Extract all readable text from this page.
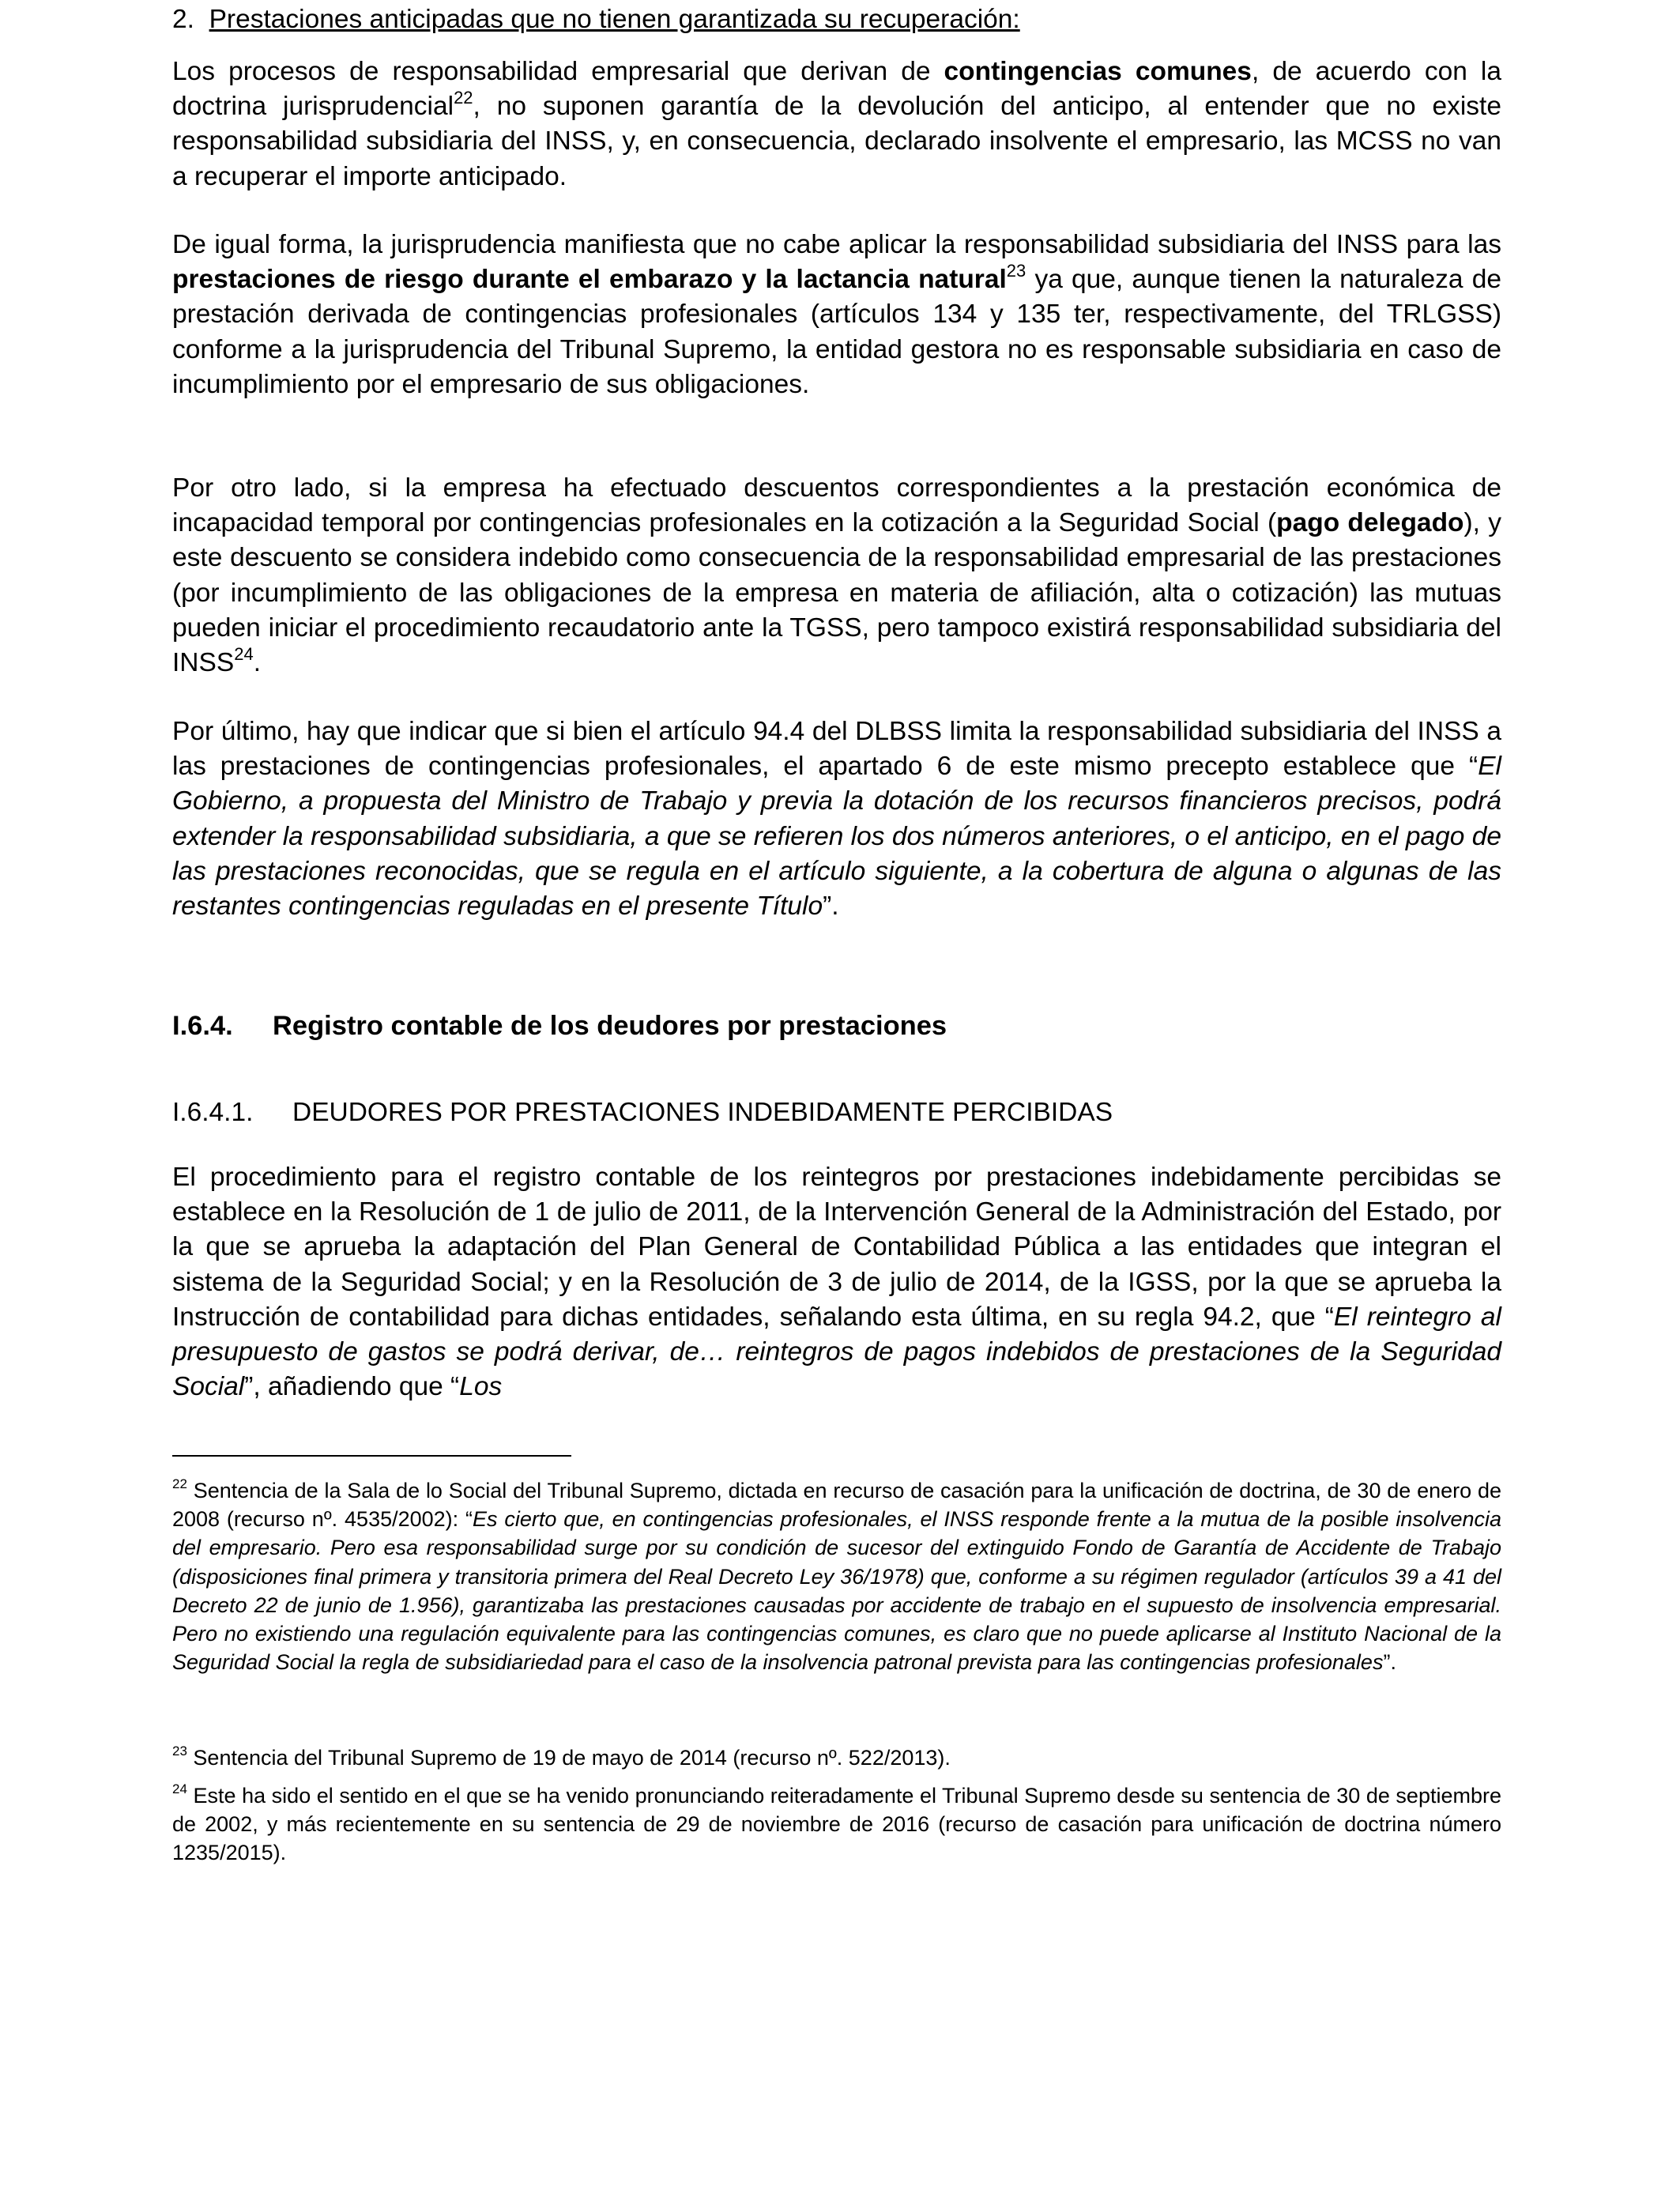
2. Prestaciones anticipadas que no tienen garantizada su recuperación:

Los procesos de responsabilidad empresarial que derivan de contingencias comunes, de acuerdo con la doctrina jurisprudencial$^{22}$, no suponen garantía de la devolución del anticipo, al entender que no existe responsabilidad subsidiaria del INSS, y, en consecuencia, declarado insolvente el empresario, las MCSS no van a recuperar el importe anticipado.

De igual forma, la jurisprudencia manifiesta que no cabe aplicar la responsabilidad subsidiaria del INSS para las prestaciones de riesgo durante el embarazo y la lactancia natural$^{23}$ ya que, aunque tienen la naturaleza de prestación derivada de contingencias profesionales (artículos 134 y 135 ter, respectivamente, del TRLGSS) conforme a la jurisprudencia del Tribunal Supremo, la entidad gestora no es responsable subsidiaria en caso de incumplimiento por el empresario de sus obligaciones.

Por otro lado, si la empresa ha efectuado descuentos correspondientes a la prestación económica de incapacidad temporal por contingencias profesionales en la cotización a la Seguridad Social (pago delegado), y este descuento se considera indebido como consecuencia de la responsabilidad empresarial de las prestaciones (por incumplimiento de las obligaciones de la empresa en materia de afiliación, alta o cotización) las mutuas pueden iniciar el procedimiento recaudatorio ante la TGSS, pero tampoco existirá responsabilidad subsidiaria del INSS$^{24}$.

Por último, hay que indicar que si bien el artículo 94.4 del DLBSS limita la responsabilidad subsidiaria del INSS a las prestaciones de contingencias profesionales, el apartado 6 de este mismo precepto establece que “El Gobierno, a propuesta del Ministro de Trabajo y previa la dotación de los recursos financieros precisos, podrá extender la responsabilidad subsidiaria, a que se refieren los dos números anteriores, o el anticipo, en el pago de las prestaciones reconocidas, que se regula en el artículo siguiente, a la cobertura de alguna o algunas de las restantes contingencias reguladas en el presente Título”.

I.6.4. Registro contable de los deudores por prestaciones

I.6.4.1. DEUDORES POR PRESTACIONES INDEBIDAMENTE PERCIBIDAS

El procedimiento para el registro contable de los reintegros por prestaciones indebidamente percibidas se establece en la Resolución de 1 de julio de 2011, de la Intervención General de la Administración del Estado, por la que se aprueba la adaptación del Plan General de Contabilidad Pública a las entidades que integran el sistema de la Seguridad Social; y en la Resolución de 3 de julio de 2014, de la IGSS, por la que se aprueba la Instrucción de contabilidad para dichas entidades, señalando esta última, en su regla 94.2, que “El reintegro al presupuesto de gastos se podrá derivar, de… reintegros de pagos indebidos de prestaciones de la Seguridad Social”, añadiendo que “Los

$^{22}$ Sentencia de la Sala de lo Social del Tribunal Supremo, dictada en recurso de casación para la unificación de doctrina, de 30 de enero de 2008 (recurso nº. 4535/2002): “Es cierto que, en contingencias profesionales, el INSS responde frente a la mutua de la posible insolvencia del empresario. Pero esa responsabilidad surge por su condición de sucesor del extinguido Fondo de Garantía de Accidente de Trabajo (disposiciones final primera y transitoria primera del Real Decreto Ley 36/1978) que, conforme a su régimen regulador (artículos 39 a 41 del Decreto 22 de junio de 1.956), garantizaba las prestaciones causadas por accidente de trabajo en el supuesto de insolvencia empresarial. Pero no existiendo una regulación equivalente para las contingencias comunes, es claro que no puede aplicarse al Instituto Nacional de la Seguridad Social la regla de subsidiariedad para el caso de la insolvencia patronal prevista para las contingencias profesionales”.

$^{23}$ Sentencia del Tribunal Supremo de 19 de mayo de 2014 (recurso nº. 522/2013).

$^{24}$ Este ha sido el sentido en el que se ha venido pronunciando reiteradamente el Tribunal Supremo desde su sentencia de 30 de septiembre de 2002, y más recientemente en su sentencia de 29 de noviembre de 2016 (recurso de casación para unificación de doctrina número 1235/2015).
